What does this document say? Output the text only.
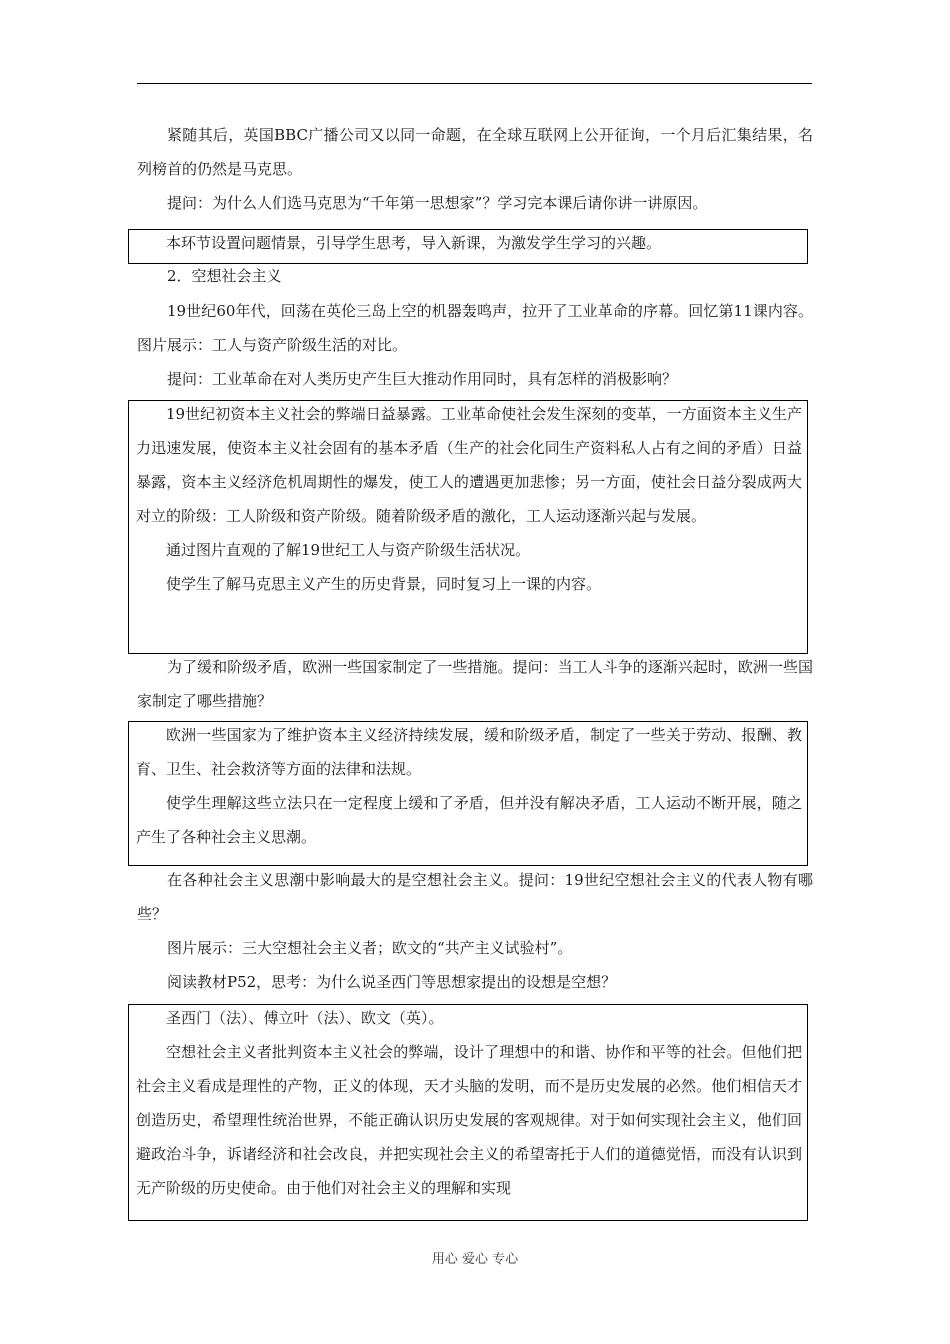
紧随其后，英国BBC广播公司又以同一命题，在全球互联网上公开征询，一个月后汇集结果，名列榜首的仍然是马克思。

提问：为什么人们选马克思为“千年第一思想家”？学习完本课后请你讲一讲原因。

本环节设置问题情景，引导学生思考，导入新课，为激发学生学习的兴趣。

2．空想社会主义

19世纪60年代，回荡在英伦三岛上空的机器轰鸣声，拉开了工业革命的序幕。回忆第11课内容。图片展示：工人与资产阶级生活的对比。

提问：工业革命在对人类历史产生巨大推动作用同时，具有怎样的消极影响？

19世纪初资本主义社会的弊端日益暴露。工业革命使社会发生深刻的变革，一方面资本主义生产力迅速发展，使资本主义社会固有的基本矛盾（生产的社会化同生产资料私人占有之间的矛盾）日益暴露，资本主义经济危机周期性的爆发，使工人的遭遇更加悲惨；另一方面，使社会日益分裂成两大对立的阶级：工人阶级和资产阶级。随着阶级矛盾的激化，工人运动逐渐兴起与发展。

通过图片直观的了解19世纪工人与资产阶级生活状况。

使学生了解马克思主义产生的历史背景，同时复习上一课的内容。

为了缓和阶级矛盾，欧洲一些国家制定了一些措施。提问：当工人斗争的逐渐兴起时，欧洲一些国家制定了哪些措施？

欧洲一些国家为了维护资本主义经济持续发展，缓和阶级矛盾，制定了一些关于劳动、报酬、教育、卫生、社会救济等方面的法律和法规。

使学生理解这些立法只在一定程度上缓和了矛盾，但并没有解决矛盾，工人运动不断开展，随之产生了各种社会主义思潮。

在各种社会主义思潮中影响最大的是空想社会主义。提问：19世纪空想社会主义的代表人物有哪些？

图片展示：三大空想社会主义者；欧文的“共产主义试验村”。

阅读教材P52，思考：为什么说圣西门等思想家提出的设想是空想？

圣西门（法）、傅立叶（法）、欧文（英）。

空想社会主义者批判资本主义社会的弊端，设计了理想中的和谐、协作和平等的社会。但他们把社会主义看成是理性的产物，正义的体现，天才头脑的发明，而不是历史发展的必然。他们相信天才创造历史，希望理性统治世界，不能正确认识历史发展的客观规律。对于如何实现社会主义，他们回避政治斗争，诉诸经济和社会改良，并把实现社会主义的希望寄托于人们的道德觉悟，而没有认识到无产阶级的历史使命。由于他们对社会主义的理解和实现

用心 爱心 专心
